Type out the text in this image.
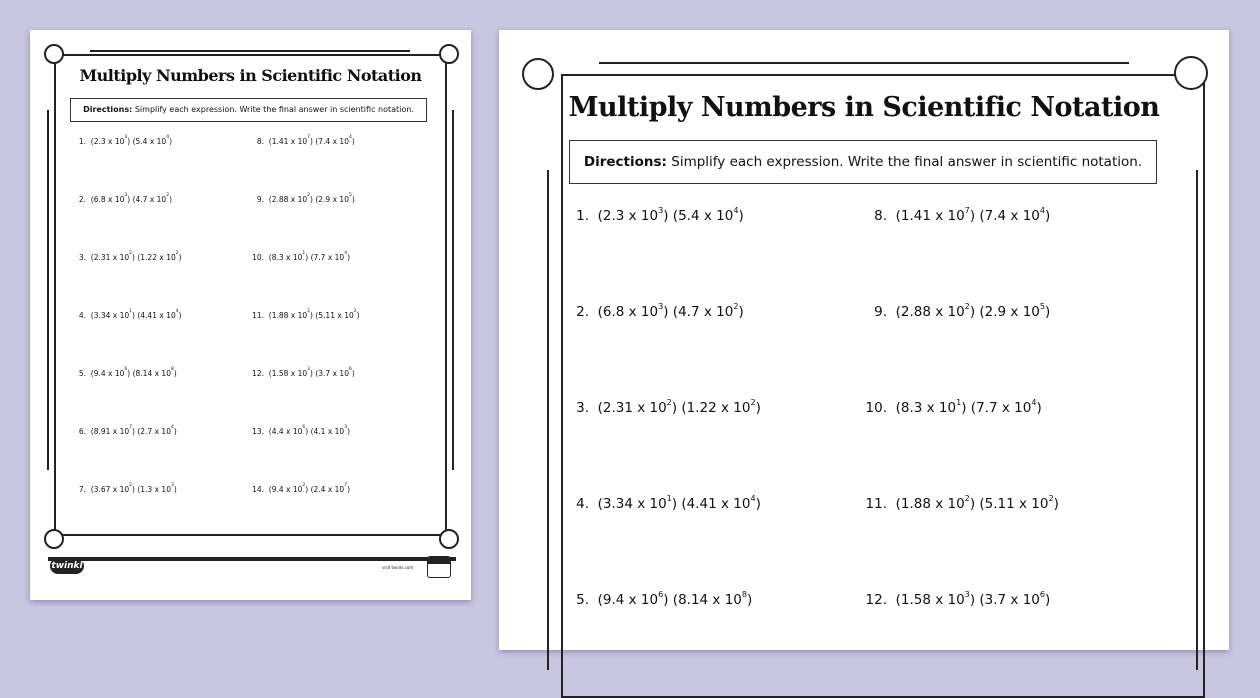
Multiply Numbers in Scientific Notation
Directions: Simplify each expression. Write the final answer in scientific notation.
1.  (2.3 x $10^3$) (5.4 x $10^4$)
2.  (6.8 x $10^3$) (4.7 x $10^2$)
3.  (2.31 x $10^2$) (1.22 x $10^2$)
4.  (3.34 x $10^1$) (4.41 x $10^4$)
5.  (9.4 x $10^6$) (8.14 x $10^8$)
6.  (8.91 x $10^7$) (2.7 x $10^4$)
7.  (3.67 x $10^2$) (1.3 x $10^3$)
8.  (1.41 x $10^7$) (7.4 x $10^4$)
9.  (2.88 x $10^2$) (2.9 x $10^5$)
10.  (8.3 x $10^1$) (7.7 x $10^4$)
11.  (1.88 x $10^2$) (5.11 x $10^2$)
12.  (1.58 x $10^3$) (3.7 x $10^6$)
13.  (4.4 x $10^6$) (4.1 x $10^3$)
14.  (9.4 x $10^2$) (2.4 x $10^7$)
twinkl	visit twinkl.com
Multiply Numbers in Scientific Notation
Directions: Simplify each expression. Write the final answer in scientific notation.
1.  (2.3 x $10^3$) (5.4 x $10^4$)
2.  (6.8 x $10^3$) (4.7 x $10^2$)
3.  (2.31 x $10^2$) (1.22 x $10^2$)
4.  (3.34 x $10^1$) (4.41 x $10^4$)
5.  (9.4 x $10^6$) (8.14 x $10^8$)
8.  (1.41 x $10^7$) (7.4 x $10^4$)
9.  (2.88 x $10^2$) (2.9 x $10^5$)
10.  (8.3 x $10^1$) (7.7 x $10^4$)
11.  (1.88 x $10^2$) (5.11 x $10^2$)
12.  (1.58 x $10^3$) (3.7 x $10^6$)
